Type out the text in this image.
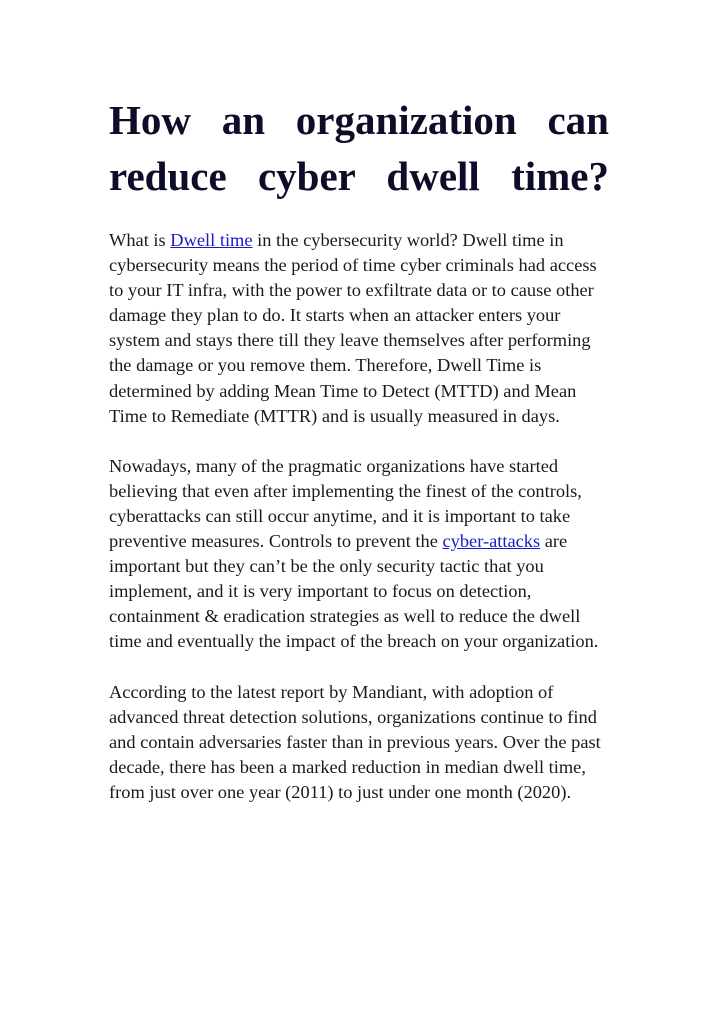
How an organization can
reduce cyber dwell time?

What is Dwell time in the cybersecurity world? Dwell time in cybersecurity means the period of time cyber criminals had access to your IT infra, with the power to exfiltrate data or to cause other damage they plan to do. It starts when an attacker enters your system and stays there till they leave themselves after performing the damage or you remove them. Therefore, Dwell Time is determined by adding Mean Time to Detect (MTTD) and Mean Time to Remediate (MTTR) and is usually measured in days.

Nowadays, many of the pragmatic organizations have started believing that even after implementing the finest of the controls, cyberattacks can still occur anytime, and it is important to take preventive measures. Controls to prevent the cyber-attacks are important but they can’t be the only security tactic that you implement, and it is very important to focus on detection, containment & eradication strategies as well to reduce the dwell time and eventually the impact of the breach on your organization.

According to the latest report by Mandiant, with adoption of advanced threat detection solutions, organizations continue to find and contain adversaries faster than in previous years. Over the past decade, there has been a marked reduction in median dwell time, from just over one year (2011) to just under one month (2020).
